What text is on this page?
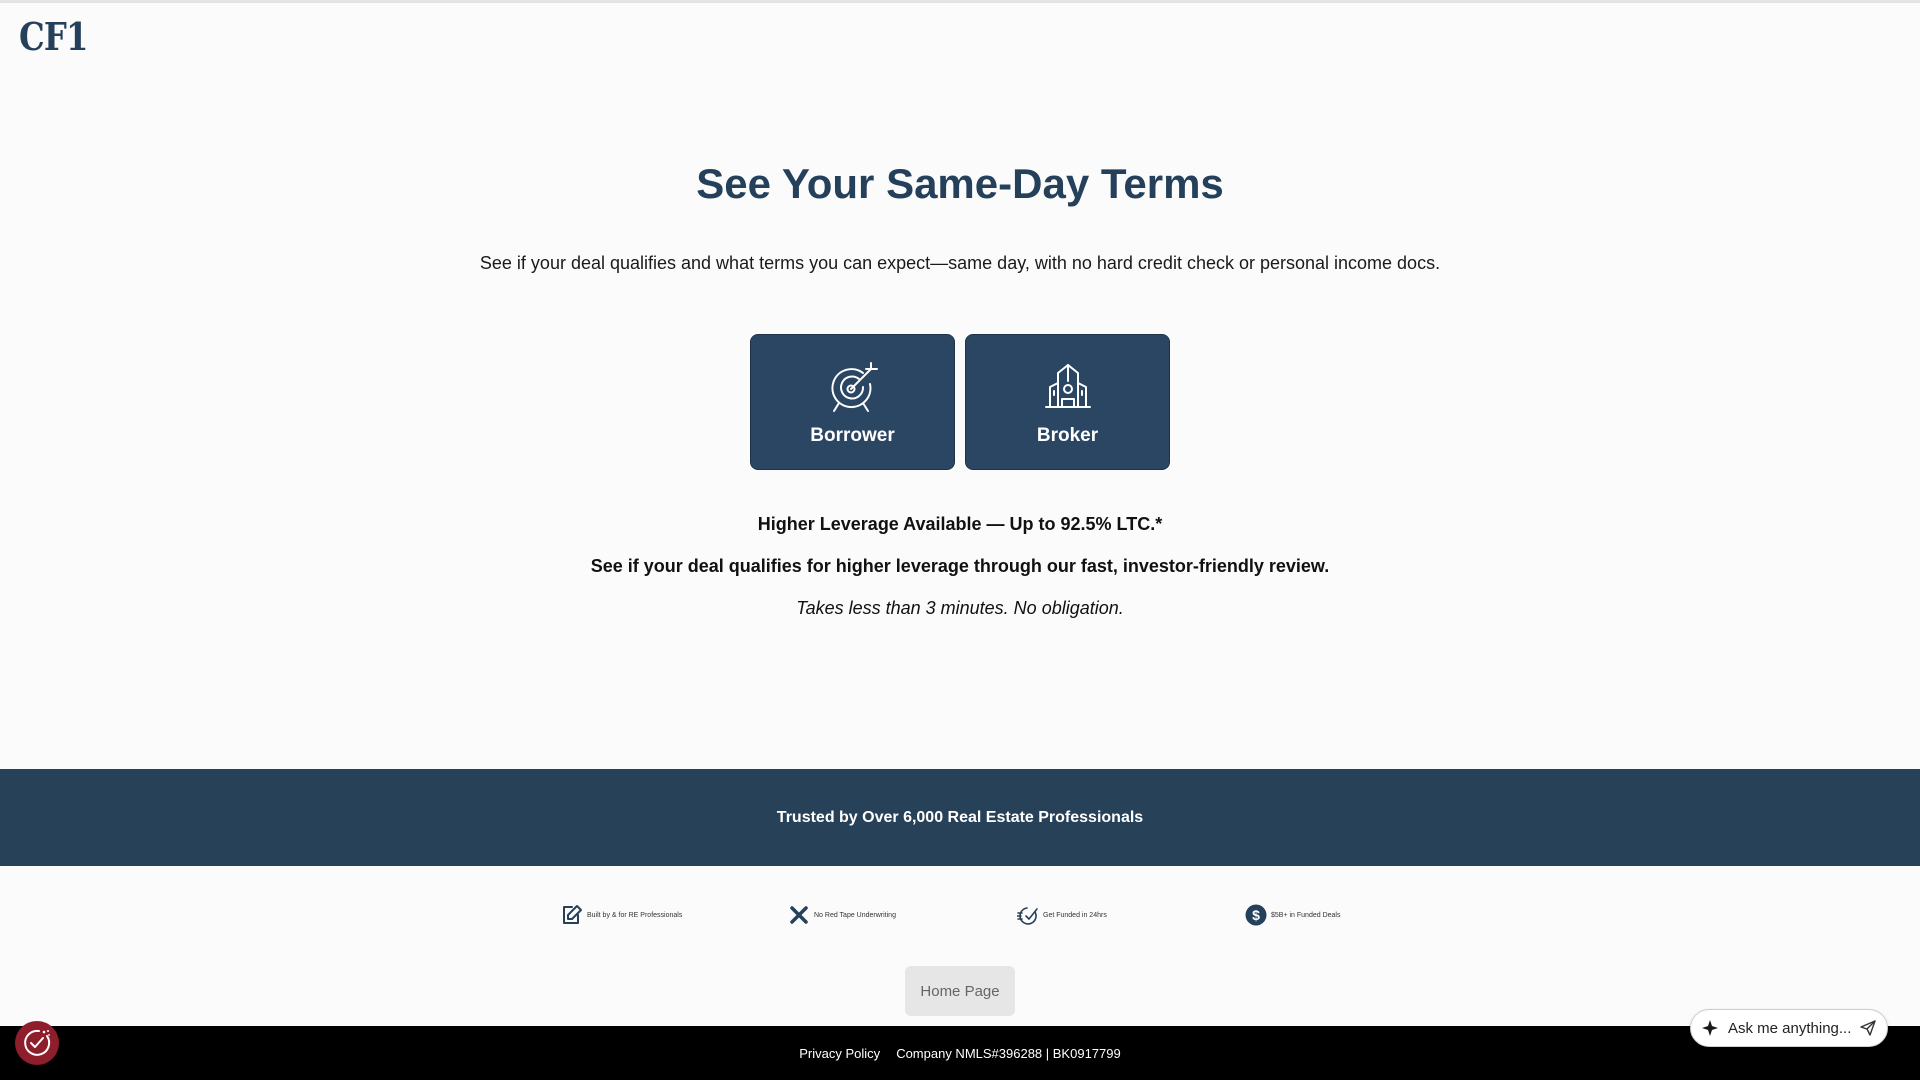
CF1
See Your Same-Day Terms
See if your deal qualifies and what terms you can expect—same day, with no hard credit check or personal income docs.
Borrower	Broker
Higher Leverage Available — Up to 92.5% LTC.*
See if your deal qualifies for higher leverage through our fast, investor-friendly review.
Takes less than 3 minutes. No obligation.
Trusted by Over 6,000 Real Estate Professionals
Built by & for RE Professionals	No Red Tape Underwriting	Get Funded in 24hrs	$ $5B+ in Funded Deals
Home Page
Privacy Policy Company NMLS#396288 | BK0917799
Ask me anything...
